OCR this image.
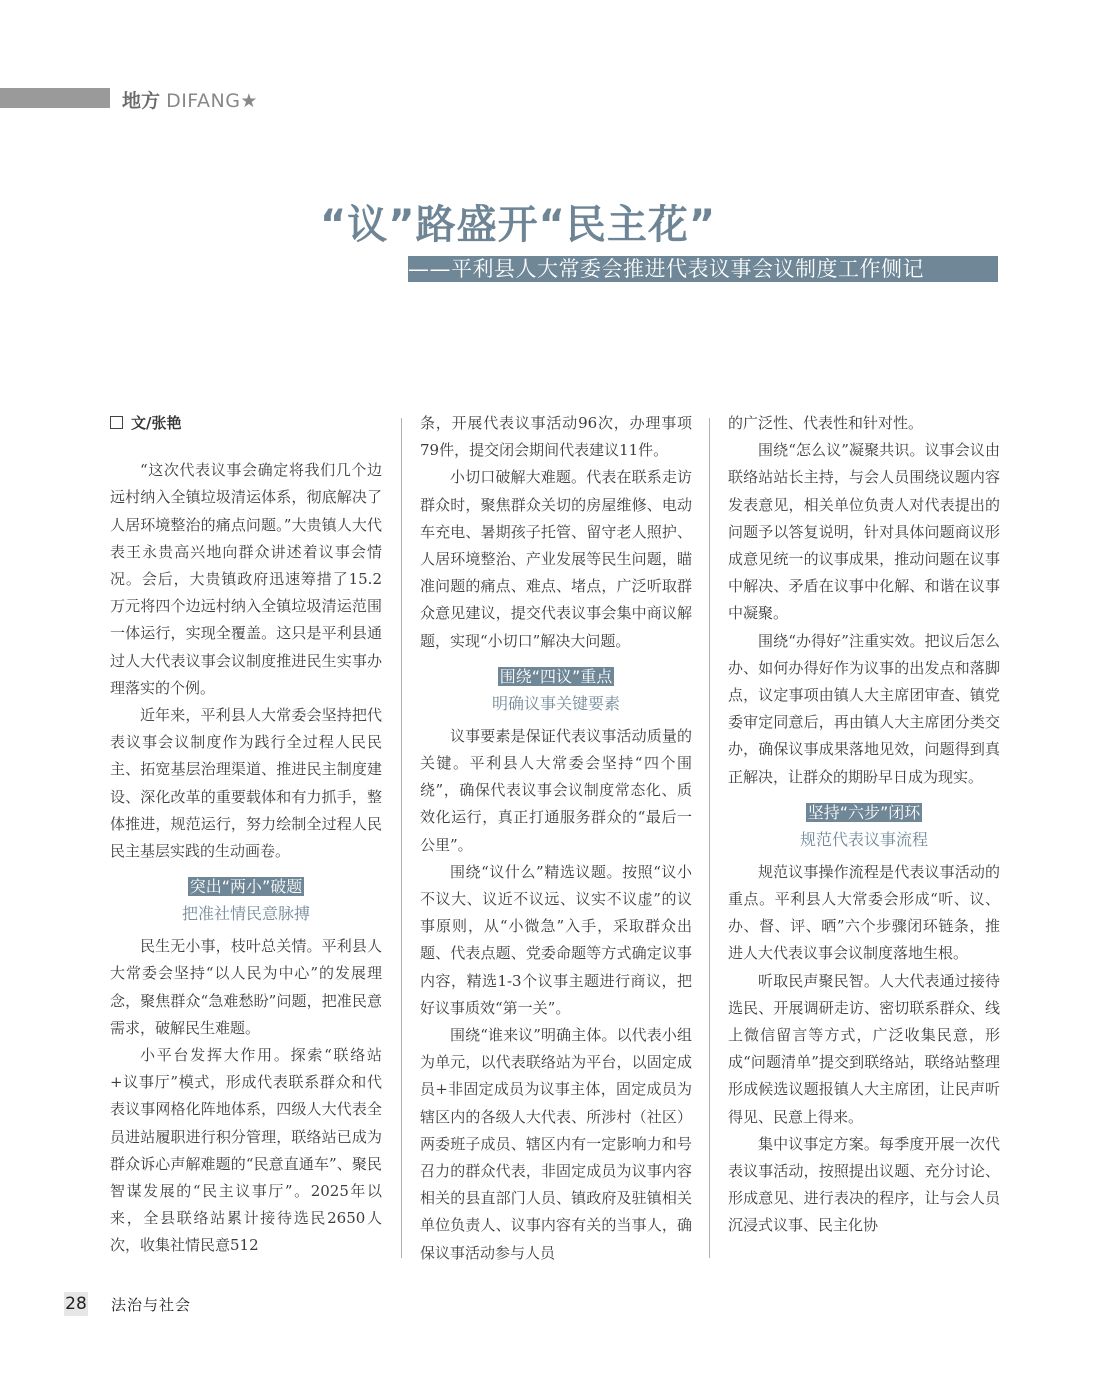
地方 DIFANG★
“议”路盛开“民主花”
——平利县人大常委会推进代表议事会议制度工作侧记
文/张艳

“这次代表议事会确定将我们几个边远村纳入全镇垃圾清运体系，彻底解决了人居环境整治的痛点问题。”大贵镇人大代表王永贵高兴地向群众讲述着议事会情况。会后，大贵镇政府迅速筹措了15.2万元将四个边远村纳入全镇垃圾清运范围一体运行，实现全覆盖。这只是平利县通过人大代表议事会议制度推进民生实事办理落实的个例。

近年来，平利县人大常委会坚持把代表议事会议制度作为践行全过程人民民主、拓宽基层治理渠道、推进民主制度建设、深化改革的重要载体和有力抓手，整体推进，规范运行，努力绘制全过程人民民主基层实践的生动画卷。

突出“两小”破题
把准社情民意脉搏

民生无小事，枝叶总关情。平利县人大常委会坚持“以人民为中心”的发展理念，聚焦群众“急难愁盼”问题，把准民意需求，破解民生难题。

小平台发挥大作用。探索“联络站+议事厅”模式，形成代表联系群众和代表议事网格化阵地体系，四级人大代表全员进站履职进行积分管理，联络站已成为群众诉心声解难题的“民意直通车”、聚民智谋发展的“民主议事厅”。2025年以来，全县联络站累计接待选民2650人次，收集社情民意512

条，开展代表议事活动96次，办理事项79件，提交闭会期间代表建议11件。

小切口破解大难题。代表在联系走访群众时，聚焦群众关切的房屋维修、电动车充电、暑期孩子托管、留守老人照护、人居环境整治、产业发展等民生问题，瞄准问题的痛点、难点、堵点，广泛听取群众意见建议，提交代表议事会集中商议解题，实现“小切口”解决大问题。

围绕“四议”重点
明确议事关键要素

议事要素是保证代表议事活动质量的关键。平利县人大常委会坚持“四个围绕”，确保代表议事会议制度常态化、质效化运行，真正打通服务群众的“最后一公里”。

围绕“议什么”精选议题。按照“议小不议大、议近不议远、议实不议虚”的议事原则，从“小微急”入手，采取群众出题、代表点题、党委命题等方式确定议事内容，精选1-3个议事主题进行商议，把好议事质效“第一关”。

围绕“谁来议”明确主体。以代表小组为单元，以代表联络站为平台，以固定成员+非固定成员为议事主体，固定成员为辖区内的各级人大代表、所涉村（社区）两委班子成员、辖区内有一定影响力和号召力的群众代表，非固定成员为议事内容相关的县直部门人员、镇政府及驻镇相关单位负责人、议事内容有关的当事人，确保议事活动参与人员

的广泛性、代表性和针对性。

围绕“怎么议”凝聚共识。议事会议由联络站站长主持，与会人员围绕议题内容发表意见，相关单位负责人对代表提出的问题予以答复说明，针对具体问题商议形成意见统一的议事成果，推动问题在议事中解决、矛盾在议事中化解、和谐在议事中凝聚。

围绕“办得好”注重实效。把议后怎么办、如何办得好作为议事的出发点和落脚点，议定事项由镇人大主席团审查、镇党委审定同意后，再由镇人大主席团分类交办，确保议事成果落地见效，问题得到真正解决，让群众的期盼早日成为现实。

坚持“六步”闭环
规范代表议事流程

规范议事操作流程是代表议事活动的重点。平利县人大常委会形成“听、议、办、督、评、晒”六个步骤闭环链条，推进人大代表议事会议制度落地生根。

听取民声聚民智。人大代表通过接待选民、开展调研走访、密切联系群众、线上微信留言等方式，广泛收集民意，形成“问题清单”提交到联络站，联络站整理形成候选议题报镇人大主席团，让民声听得见、民意上得来。

集中议事定方案。每季度开展一次代表议事活动，按照提出议题、充分讨论、形成意见、进行表决的程序，让与会人员沉浸式议事、民主化协

28 法治与社会
